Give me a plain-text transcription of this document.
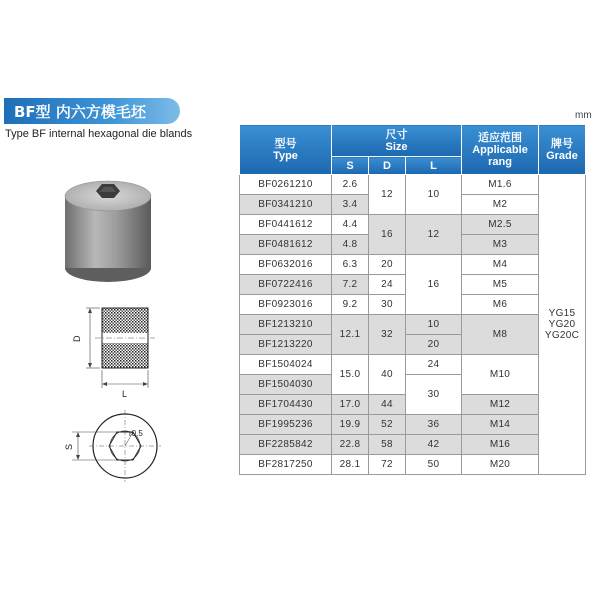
BF型 内六方模毛坯
Type BF internal hexagonal die blands
mm
D
L
S
r0.5
型号
Type	尺寸
Size			适应范围
Applicable
rang	牌号
Grade
	S	D	L		
BF0261210	2.6	12	10	M1.6	YG15
YG20
YG20C
BF0341210	3.4			M2	
BF0441612	4.4	16	12	M2.5	
BF0481612	4.8			M3	
BF0632016	6.3	20	16	M4	
BF0722416	7.2	24		M5	
BF0923016	9.2	30		M6	
BF1213210	12.1	32	10	M8	
BF1213220			20		
BF1504024	15.0	40	24	M10	
BF1504030			30		
BF1704430	17.0	44		M12	
BF1995236	19.9	52	36	M14	
BF2285842	22.8	58	42	M16	
BF2817250	28.1	72	50	M20	
